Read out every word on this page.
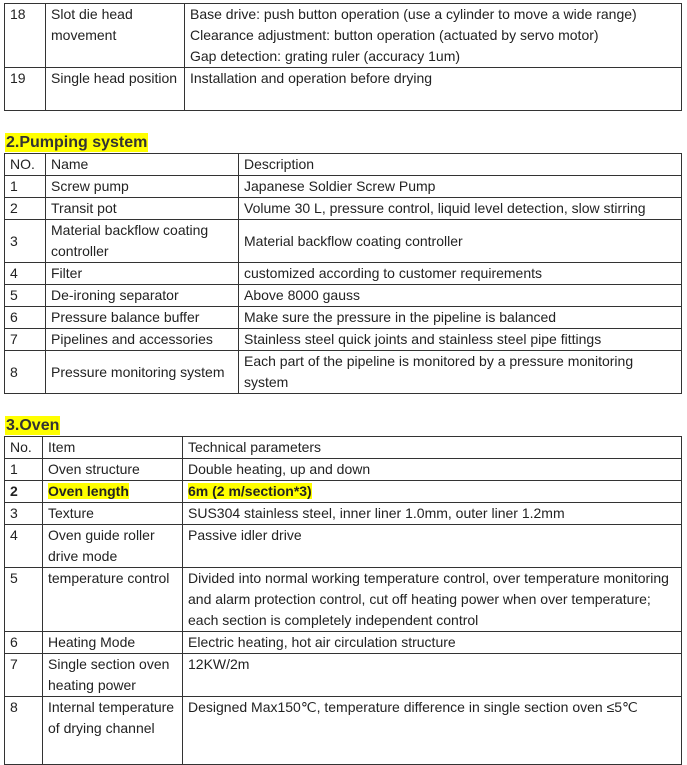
18	Slot die head movement	Base drive: push button operation (use a cylinder to move a wide range)
Clearance adjustment: button operation (actuated by servo motor)
Gap detection: grating ruler (accuracy 1um)

19	Single head position	Installation and operation before drying
2.Pumping system
NO.	Name	Description
1	Screw pump	Japanese Soldier Screw Pump
2	Transit pot	Volume 30 L, pressure control, liquid level detection, slow stirring
3	Material backflow coating controller	Material backflow coating controller
4	Filter	customized according to customer requirements
5	De-ironing separator	Above 8000 gauss
6	Pressure balance buffer	Make sure the pressure in the pipeline is balanced
7	Pipelines and accessories	Stainless steel quick joints and stainless steel pipe fittings
8	Pressure monitoring system	Each part of the pipeline is monitored by a pressure monitoring system
3.Oven
No.	Item	Technical parameters
1	Oven structure	Double heating, up and down
2	Oven length	6m (2 m/section*3)
3	Texture	SUS304 stainless steel, inner liner 1.0mm, outer liner 1.2mm
4	Oven guide roller drive mode	Passive idler drive
5	temperature control	Divided into normal working temperature control, over temperature monitoring and alarm protection control, cut off heating power when over temperature; each section is completely independent control
6	Heating Mode	Electric heating, hot air circulation structure
7	Single section oven heating power	12KW/2m
8	Internal temperature of drying channel	Designed Max150℃, temperature difference in single section oven ≤5℃
